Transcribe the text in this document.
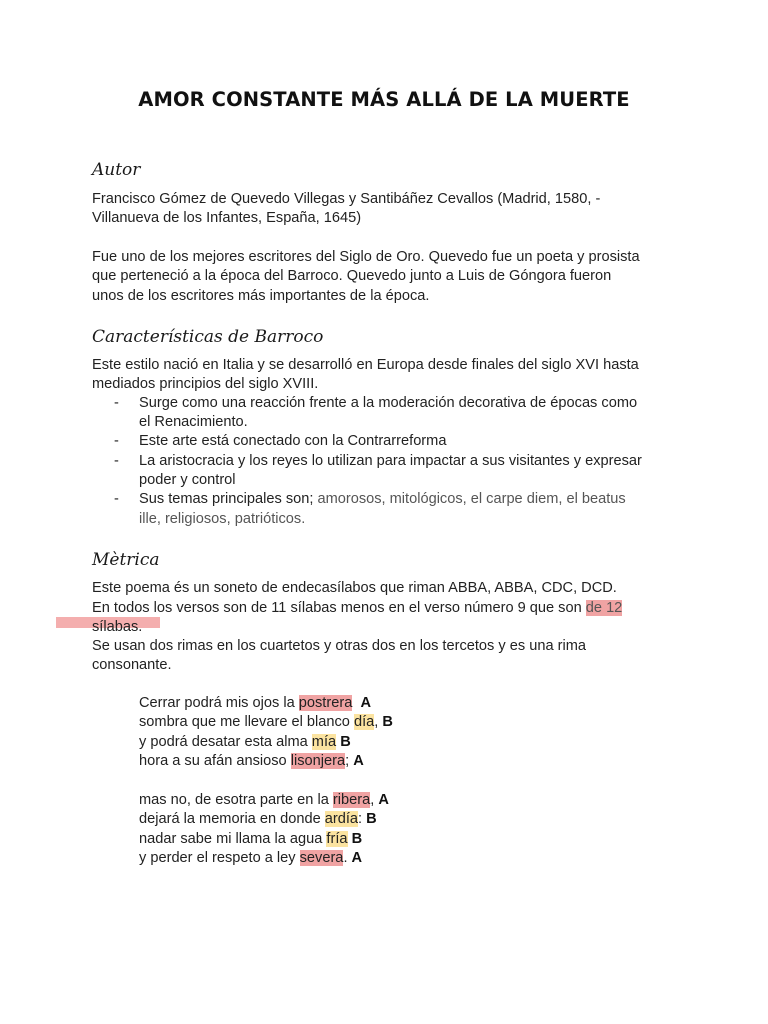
AMOR CONSTANTE MÁS ALLÁ DE LA MUERTE
Autor
Francisco Gómez de Quevedo Villegas y Santibáñez Cevallos (Madrid, 1580, -
Villanueva de los Infantes, España, 1645)
Fue uno de los mejores escritores del Siglo de Oro. Quevedo fue un poeta y prosista
que perteneció a la época del Barroco. Quevedo junto a Luis de Góngora fueron
unos de los escritores más importantes de la época.
Características de Barroco
Este estilo nació en Italia y se desarrolló en Europa desde finales del siglo XVI hasta
mediados principios del siglo XVIII.
- Surge como una reacción frente a la moderación decorativa de épocas como
el Renacimiento.
- Este arte está conectado con la Contrarreforma
- La aristocracia y los reyes lo utilizan para impactar a sus visitantes y expresar
poder y control
- Sus temas principales son; amorosos, mitológicos, el carpe diem, el beatus
ille, religiosos, patrióticos.
Mètrica
Este poema és un soneto de endecasílabos que riman ABBA, ABBA, CDC, DCD.
En todos los versos son de 11 sílabas menos en el verso número 9 que son de 12
sílabas.
Se usan dos rimas en los cuartetos y otras dos en los tercetos y es una rima
consonante.
Cerrar podrá mis ojos la postrera A
sombra que me llevare el blanco día, B
y podrá desatar esta alma mía B
hora a su afán ansioso lisonjera; A
mas no, de esotra parte en la ribera, A
dejará la memoria en donde ardía: B
nadar sabe mi llama la agua fría B
y perder el respeto a ley severa. A
